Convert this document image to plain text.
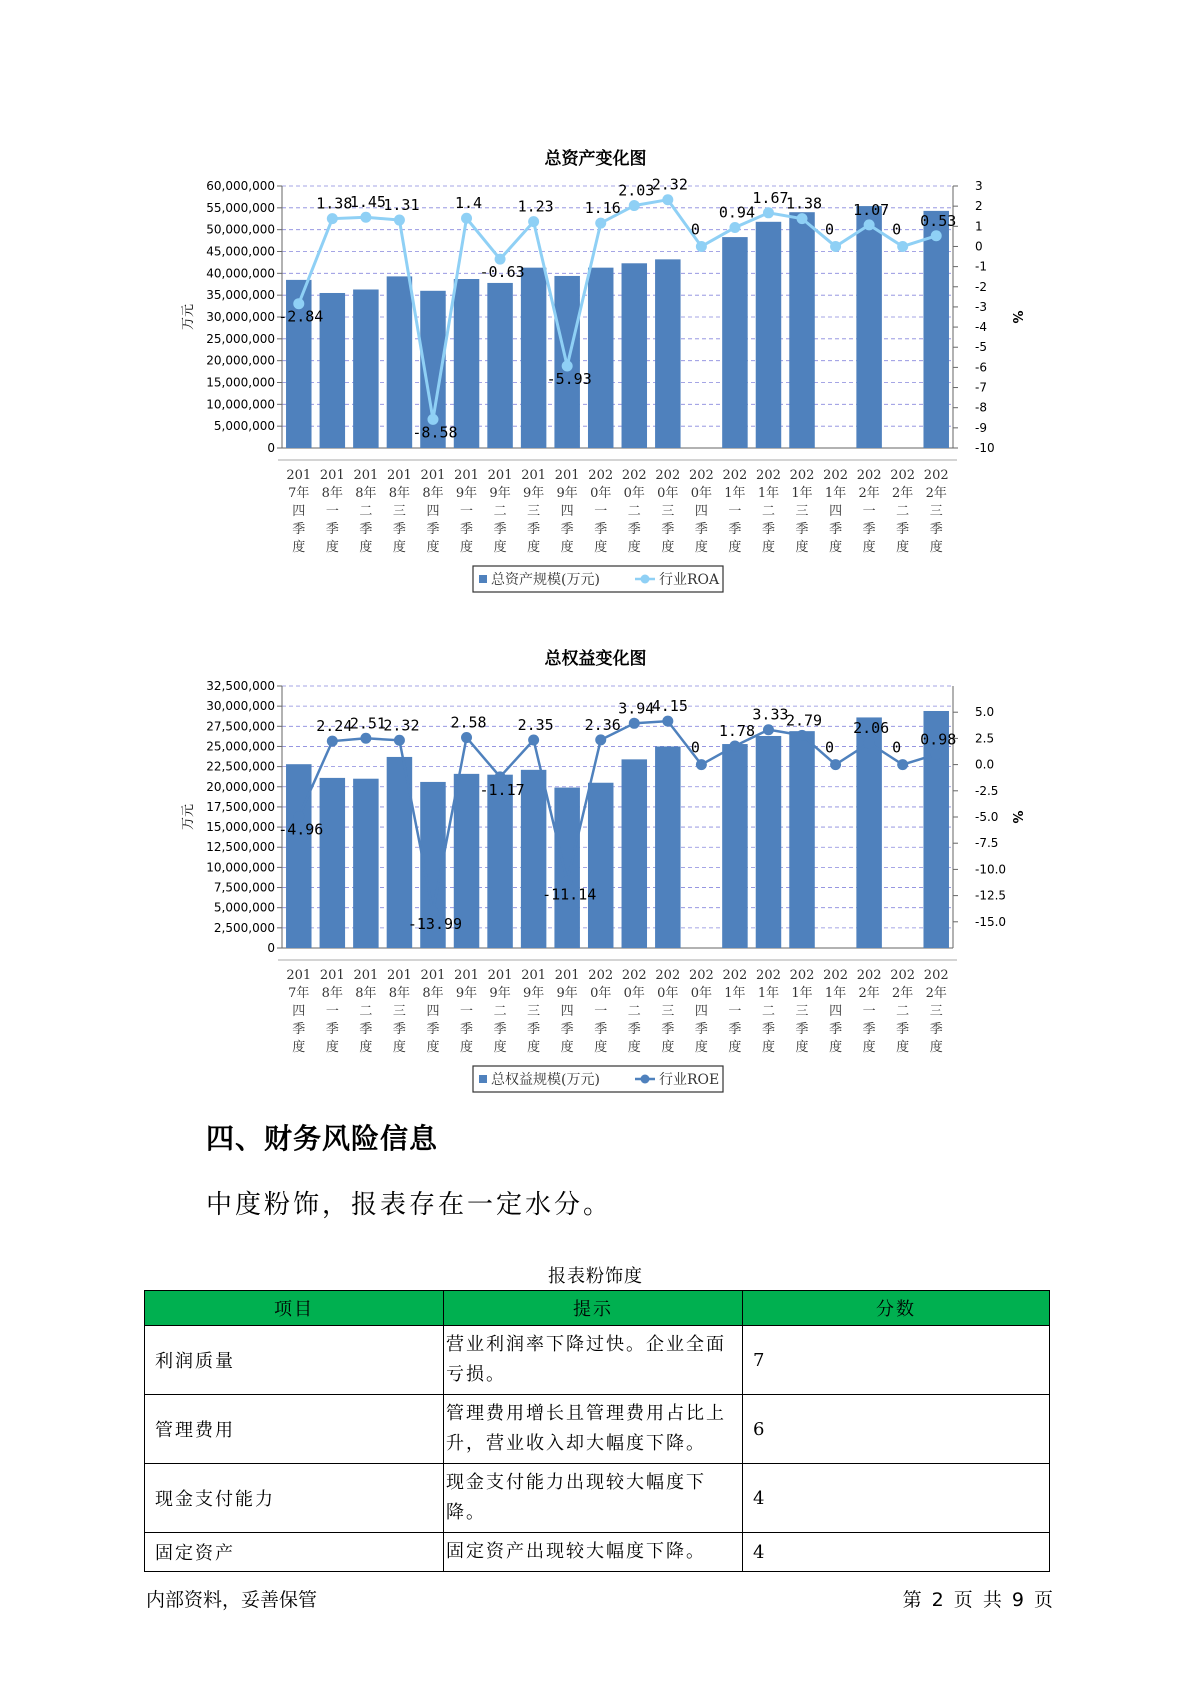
总资产变化图
60,000,000
55,000,000
50,000,000
45,000,000
40,000,000
35,000,000
30,000,000
25,000,000
20,000,000
15,000,000
10,000,000
5,000,000
0
3
2
1
0
-1
-2
-3
-4
-5
-6
-7
-8
-9
-10
万元	%
201
7年
四
季
度
201
8年
一
季
度
201
8年
二
季
度
201
8年
三
季
度
201
8年
四
季
度
201
9年
一
季
度
201
9年
二
季
度
201
9年
三
季
度
201
9年
四
季
度
202
0年
一
季
度
202
0年
二
季
度
202
0年
三
季
度
202
0年
四
季
度
202
1年
一
季
度
202
1年
二
季
度
202
1年
三
季
度
202
1年
四
季
度
202
2年
一
季
度
202
2年
二
季
度
202
2年
三
季
度
-2.84
1.38
1.45
1.31
-8.58
1.4
-0.63
1.23
-5.93
1.16
2.03
2.32
0
0.94
1.67
1.38
0
1.07
0 0.53
总资产规模(万元)	行业ROA
总权益变化图
32,500,000
30,000,000
27,500,000
25,000,000
22,500,000
20,000,000
17,500,000
15,000,000
12,500,000
10,000,000
7,500,000
5,000,000
2,500,000
0
5.0
2.5
0.0
-2.5
-5.0
-7.5
-10.0
-12.5
-15.0
万元	%
201
7年
四
季
度
201
8年
一
季
度
201
8年
二
季
度
201
8年
三
季
度
201
8年
四
季
度
201
9年
一
季
度
201
9年
二
季
度
201
9年
三
季
度
201
9年
四
季
度
202
0年
一
季
度
202
0年
二
季
度
202
0年
三
季
度
202
0年
四
季
度
202
1年
一
季
度
202
1年
二
季
度
202
1年
三
季
度
202
1年
四
季
度
202
2年
一
季
度
202
2年
二
季
度
202
2年
三
季
度
-4.96
2.24
2.51
2.32
-13.99
2.58
-1.17
2.35
-11.14
2.36
3.94
4.15
0
1.78
3.33
2.79
0
2.06
0 0.98
总权益规模(万元)	行业ROE
四、财务风险信息
中度粉饰，报表存在一定水分。
报表粉饰度
项目	提示	分数
利润质量	营业利润率下降过快。企业全面亏损。	7
管理费用	管理费用增长且管理费用占比上升，营业收入却大幅度下降。	6
现金支付能力	现金支付能力出现较大幅度下降。	4
固定资产	固定资产出现较大幅度下降。	4
内部资料，妥善保管	第 2 页 共 9 页
